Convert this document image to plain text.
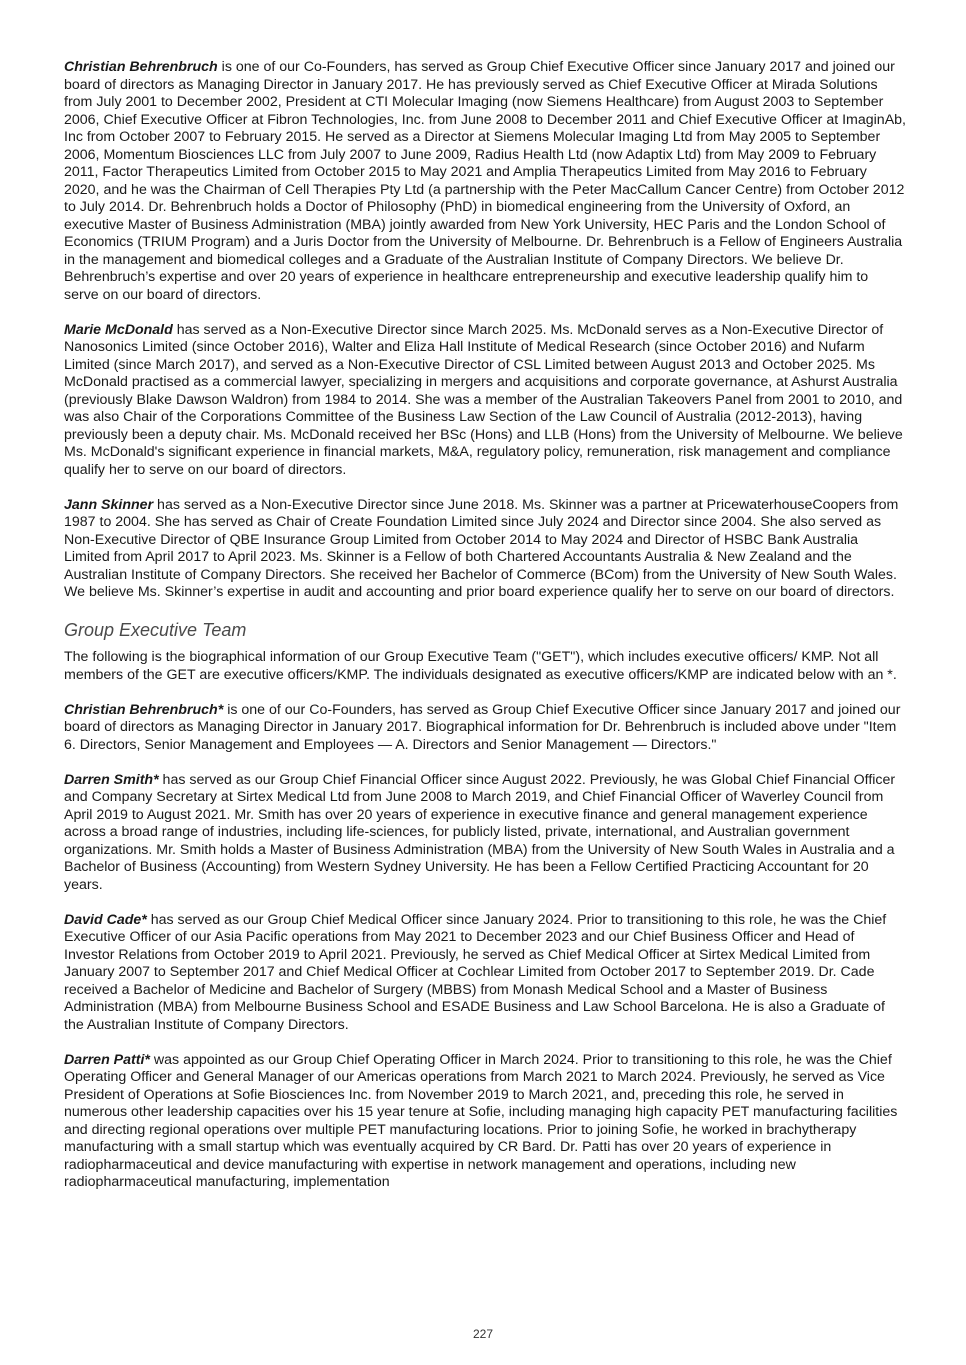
Christian Behrenbruch is one of our Co-Founders, has served as Group Chief Executive Officer since January 2017 and joined our board of directors as Managing Director in January 2017. He has previously served as Chief Executive Officer at Mirada Solutions from July 2001 to December 2002, President at CTI Molecular Imaging (now Siemens Healthcare) from August 2003 to September 2006, Chief Executive Officer at Fibron Technologies, Inc. from June 2008 to December 2011 and Chief Executive Officer at ImaginAb, Inc from October 2007 to February 2015. He served as a Director at Siemens Molecular Imaging Ltd from May 2005 to September 2006, Momentum Biosciences LLC from July 2007 to June 2009, Radius Health Ltd (now Adaptix Ltd) from May 2009 to February 2011, Factor Therapeutics Limited from October 2015 to May 2021 and Amplia Therapeutics Limited from May 2016 to February 2020, and he was the Chairman of Cell Therapies Pty Ltd (a partnership with the Peter MacCallum Cancer Centre) from October 2012 to July 2014. Dr. Behrenbruch holds a Doctor of Philosophy (PhD) in biomedical engineering from the University of Oxford, an executive Master of Business Administration (MBA) jointly awarded from New York University, HEC Paris and the London School of Economics (TRIUM Program) and a Juris Doctor from the University of Melbourne. Dr. Behrenbruch is a Fellow of Engineers Australia in the management and biomedical colleges and a Graduate of the Australian Institute of Company Directors. We believe Dr. Behrenbruch’s expertise and over 20 years of experience in healthcare entrepreneurship and executive leadership qualify him to serve on our board of directors.

Marie McDonald has served as a Non-Executive Director since March 2025. Ms. McDonald serves as a Non-Executive Director of Nanosonics Limited (since October 2016), Walter and Eliza Hall Institute of Medical Research (since October 2016) and Nufarm Limited (since March 2017), and served as a Non-Executive Director of CSL Limited between August 2013 and October 2025. Ms McDonald practised as a commercial lawyer, specializing in mergers and acquisitions and corporate governance, at Ashurst Australia (previously Blake Dawson Waldron) from 1984 to 2014. She was a member of the Australian Takeovers Panel from 2001 to 2010, and was also Chair of the Corporations Committee of the Business Law Section of the Law Council of Australia (2012-2013), having previously been a deputy chair. Ms. McDonald received her BSc (Hons) and LLB (Hons) from the University of Melbourne. We believe Ms. McDonald's significant experience in financial markets, M&A, regulatory policy, remuneration, risk management and compliance qualify her to serve on our board of directors.

Jann Skinner has served as a Non-Executive Director since June 2018. Ms. Skinner was a partner at PricewaterhouseCoopers from 1987 to 2004. She has served as Chair of Create Foundation Limited since July 2024 and Director since 2004. She also served as Non-Executive Director of QBE Insurance Group Limited from October 2014 to May 2024 and Director of HSBC Bank Australia Limited from April 2017 to April 2023. Ms. Skinner is a Fellow of both Chartered Accountants Australia & New Zealand and the Australian Institute of Company Directors. She received her Bachelor of Commerce (BCom) from the University of New South Wales. We believe Ms. Skinner’s expertise in audit and accounting and prior board experience qualify her to serve on our board of directors.

Group Executive Team

The following is the biographical information of our Group Executive Team ("GET"), which includes executive officers/ KMP. Not all members of the GET are executive officers/KMP. The individuals designated as executive officers/KMP are indicated below with an *.

Christian Behrenbruch* is one of our Co-Founders, has served as Group Chief Executive Officer since January 2017 and joined our board of directors as Managing Director in January 2017. Biographical information for Dr. Behrenbruch is included above under "Item 6. Directors, Senior Management and Employees — A. Directors and Senior Management — Directors."

Darren Smith* has served as our Group Chief Financial Officer since August 2022. Previously, he was Global Chief Financial Officer and Company Secretary at Sirtex Medical Ltd from June 2008 to March 2019, and Chief Financial Officer of Waverley Council from April 2019 to August 2021. Mr. Smith has over 20 years of experience in executive finance and general management experience across a broad range of industries, including life-sciences, for publicly listed, private, international, and Australian government organizations. Mr. Smith holds a Master of Business Administration (MBA) from the University of New South Wales in Australia and a Bachelor of Business (Accounting) from Western Sydney University. He has been a Fellow Certified Practicing Accountant for 20 years.

David Cade* has served as our Group Chief Medical Officer since January 2024. Prior to transitioning to this role, he was the Chief Executive Officer of our Asia Pacific operations from May 2021 to December 2023 and our Chief Business Officer and Head of Investor Relations from October 2019 to April 2021. Previously, he served as Chief Medical Officer at Sirtex Medical Limited from January 2007 to September 2017 and Chief Medical Officer at Cochlear Limited from October 2017 to September 2019. Dr. Cade received a Bachelor of Medicine and Bachelor of Surgery (MBBS) from Monash Medical School and a Master of Business Administration (MBA) from Melbourne Business School and ESADE Business and Law School Barcelona. He is also a Graduate of the Australian Institute of Company Directors.

Darren Patti* was appointed as our Group Chief Operating Officer in March 2024. Prior to transitioning to this role, he was the Chief Operating Officer and General Manager of our Americas operations from March 2021 to March 2024. Previously, he served as Vice President of Operations at Sofie Biosciences Inc. from November 2019 to March 2021, and, preceding this role, he served in numerous other leadership capacities over his 15 year tenure at Sofie, including managing high capacity PET manufacturing facilities and directing regional operations over multiple PET manufacturing locations. Prior to joining Sofie, he worked in brachytherapy manufacturing with a small startup which was eventually acquired by CR Bard. Dr. Patti has over 20 years of experience in radiopharmaceutical and device manufacturing with expertise in network management and operations, including new radiopharmaceutical manufacturing, implementation

227
